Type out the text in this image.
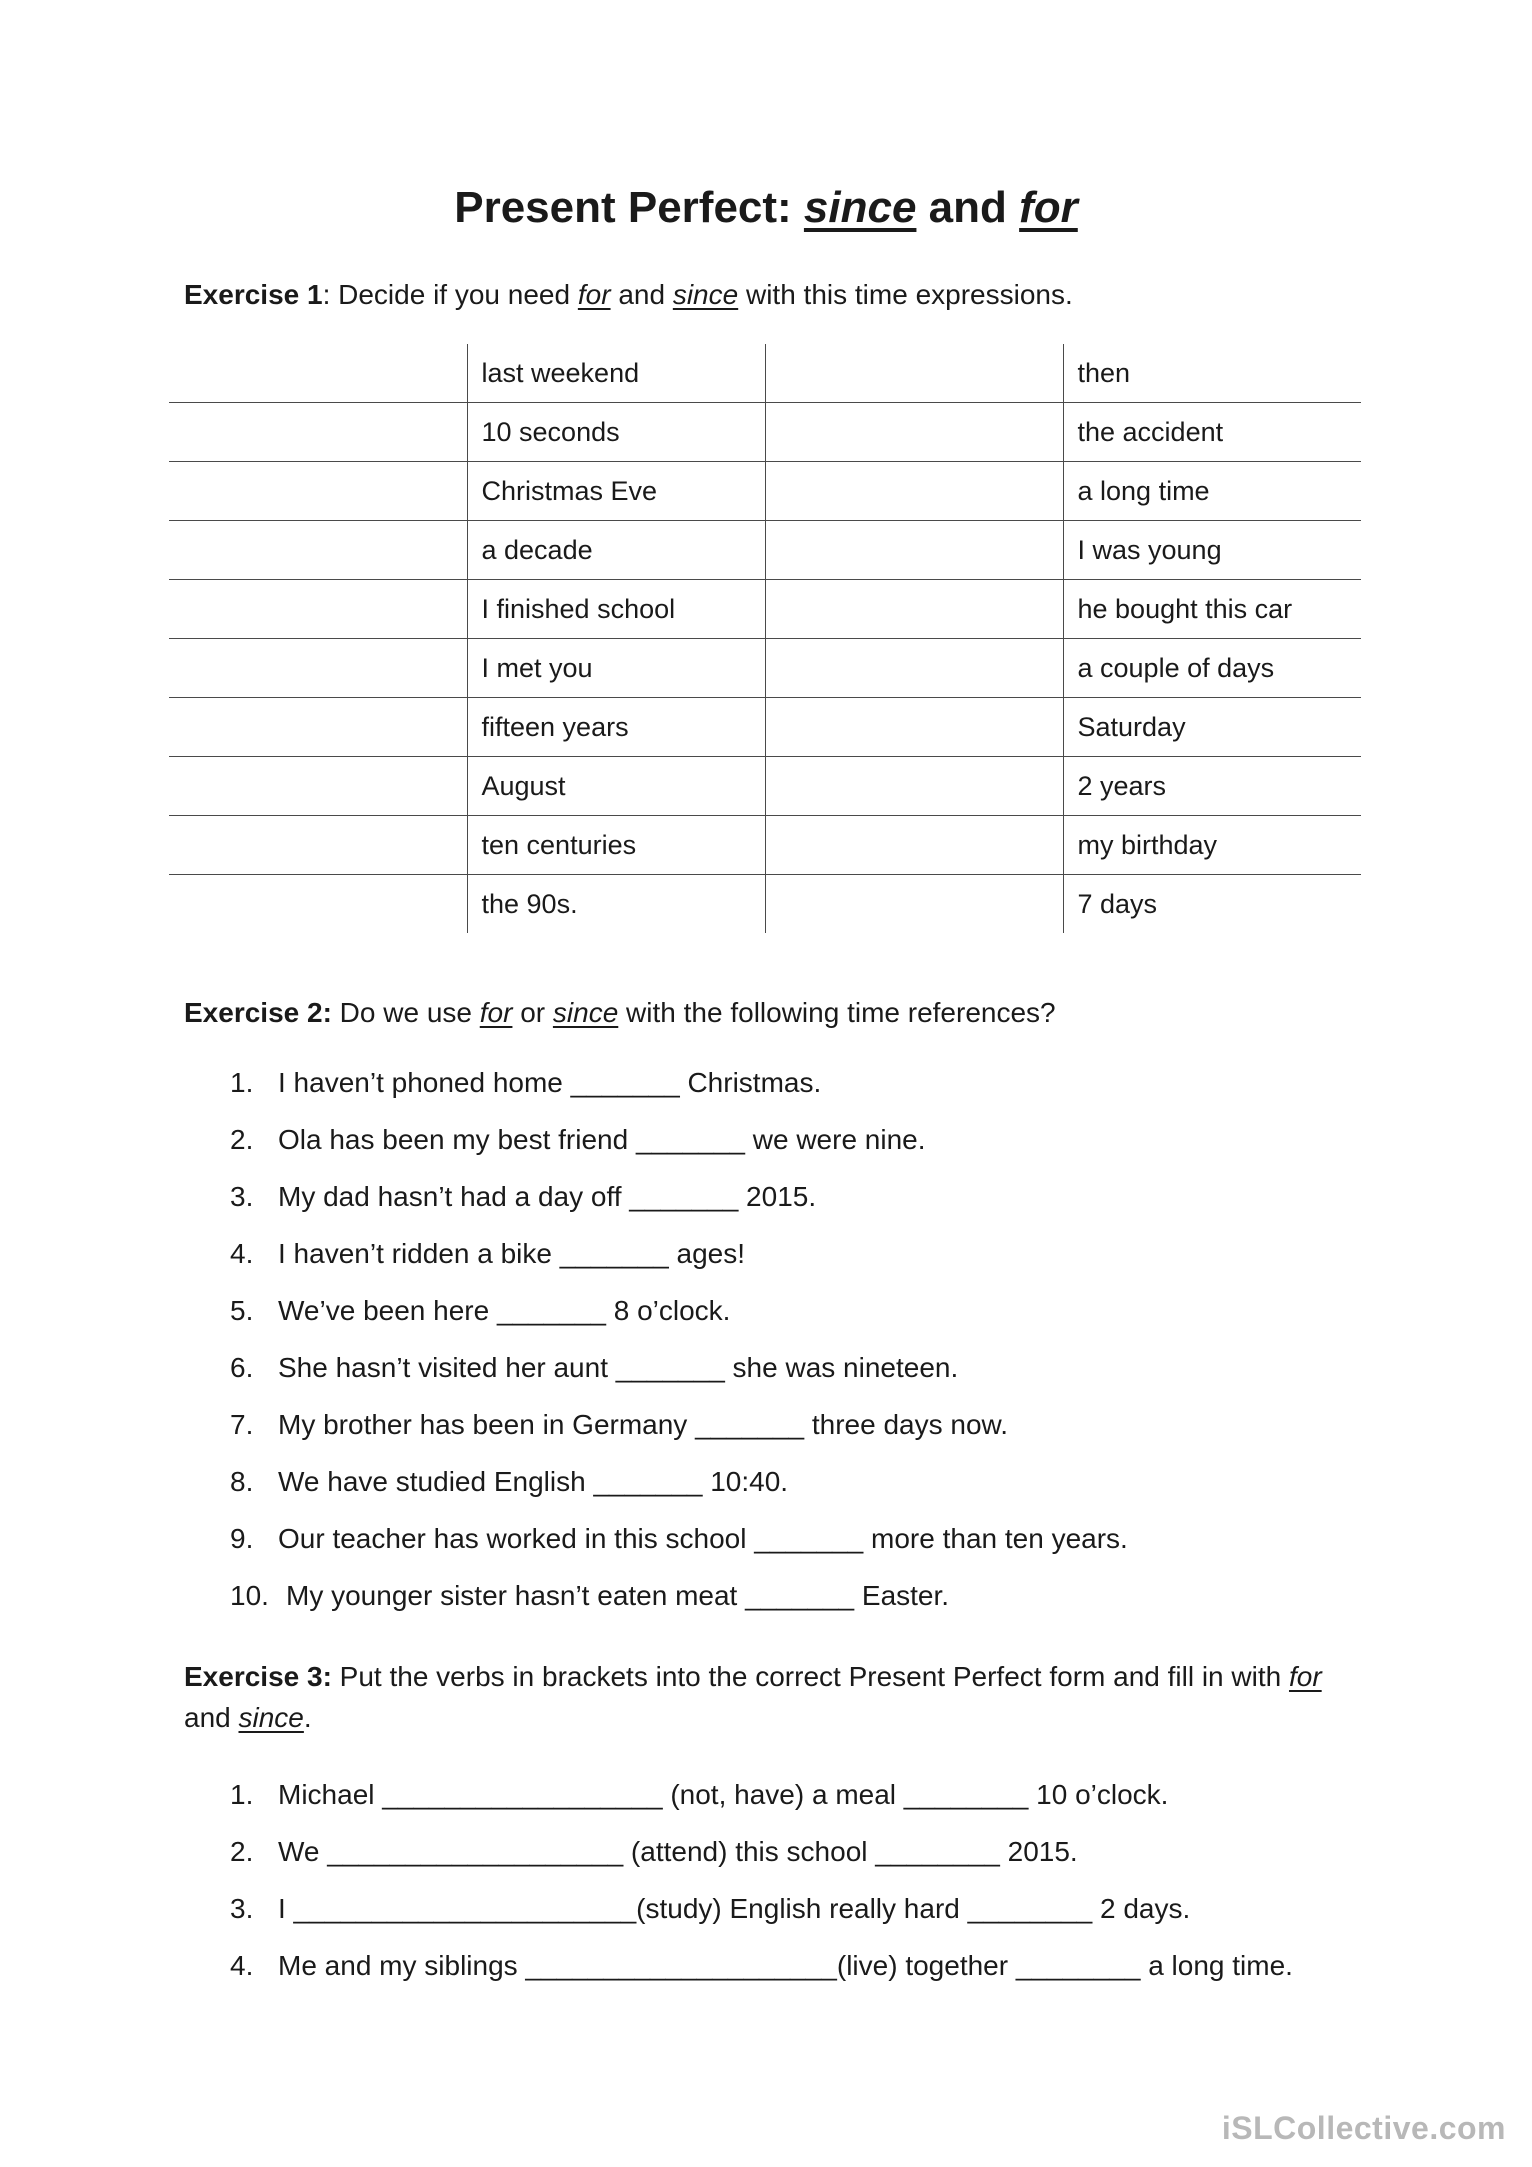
Present Perfect: since and for

Exercise 1: Decide if you need for and since with this time expressions.

	last weekend		then
	10 seconds		the accident
	Christmas Eve		a long time
	a decade		I was young
	I finished school		he bought this car
	I met you		a couple of days
	fifteen years		Saturday
	August		2 years
	ten centuries		my birthday
	the 90s.		7 days

Exercise 2: Do we use for or since with the following time references?

1. I haven’t phoned home _______ Christmas.
2. Ola has been my best friend _______ we were nine.
3. My dad hasn’t had a day off _______ 2015.
4. I haven’t ridden a bike _______ ages!
5. We’ve been here _______ 8 o’clock.
6. She hasn’t visited her aunt _______ she was nineteen.
7. My brother has been in Germany _______ three days now.
8. We have studied English _______ 10:40.
9. Our teacher has worked in this school _______ more than ten years.
10. My younger sister hasn’t eaten meat _______ Easter.

Exercise 3: Put the verbs in brackets into the correct Present Perfect form and fill in with for
and since.

1. Michael __________________ (not, have) a meal ________ 10 o’clock.
2. We ___________________ (attend) this school ________ 2015.
3. I ______________________(study) English really hard ________ 2 days.
4. Me and my siblings ____________________(live) together ________ a long time.
iSLCollective.com
